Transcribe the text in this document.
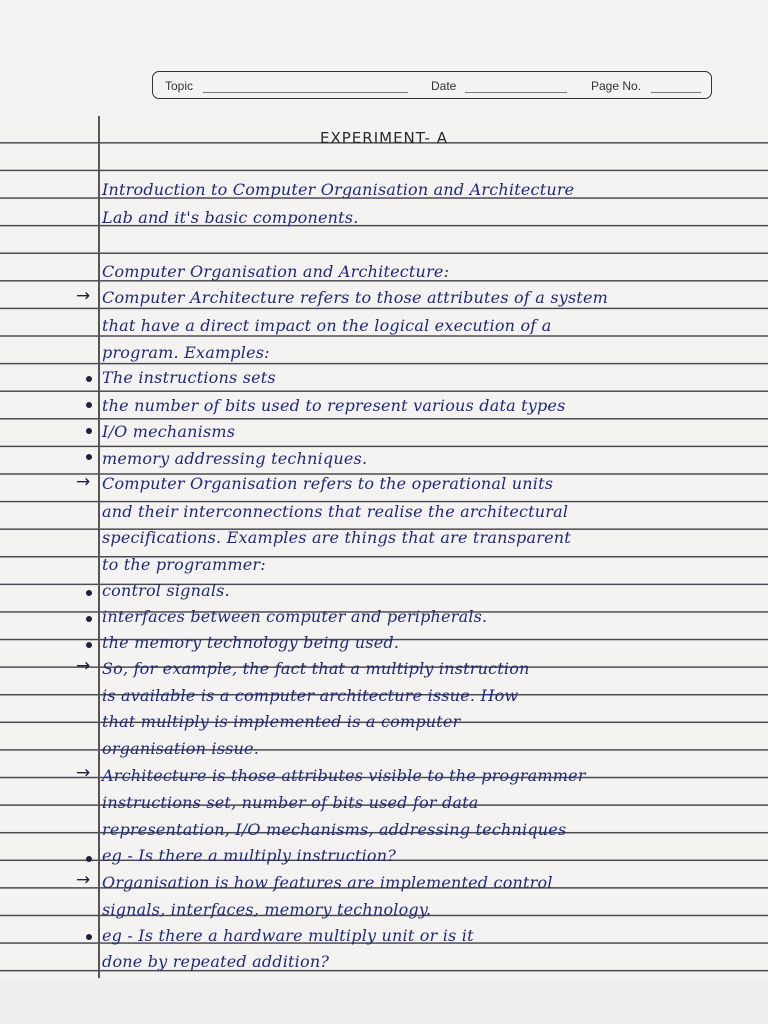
Topic	Date	Page No.
EXPERIMENT- A
Introduction to Computer Organisation and Architecture
Lab and it's basic components.
Computer Organisation and Architecture:
→ Computer Architecture refers to those attributes of a system
that have a direct impact on the logical execution of a
program. Examples:
The instructions sets
the number of bits used to represent various data types
I/O mechanisms
memory addressing techniques.
→ Computer Organisation refers to the operational units
and their interconnections that realise the architectural
specifications. Examples are things that are transparent
to the programmer:
control signals.
interfaces between computer and peripherals.
the memory technology being used.
→ So, for example, the fact that a multiply instruction
is available is a computer architecture issue. How
that multiply is implemented is a computer
organisation issue.
→ Architecture is those attributes visible to the programmer
instructions set, number of bits used for data
representation, I/O mechanisms, addressing techniques
eg - Is there a multiply instruction?
→ Organisation is how features are implemented control
signals, interfaces, memory technology.
eg - Is there a hardware multiply unit or is it
done by repeated addition?
